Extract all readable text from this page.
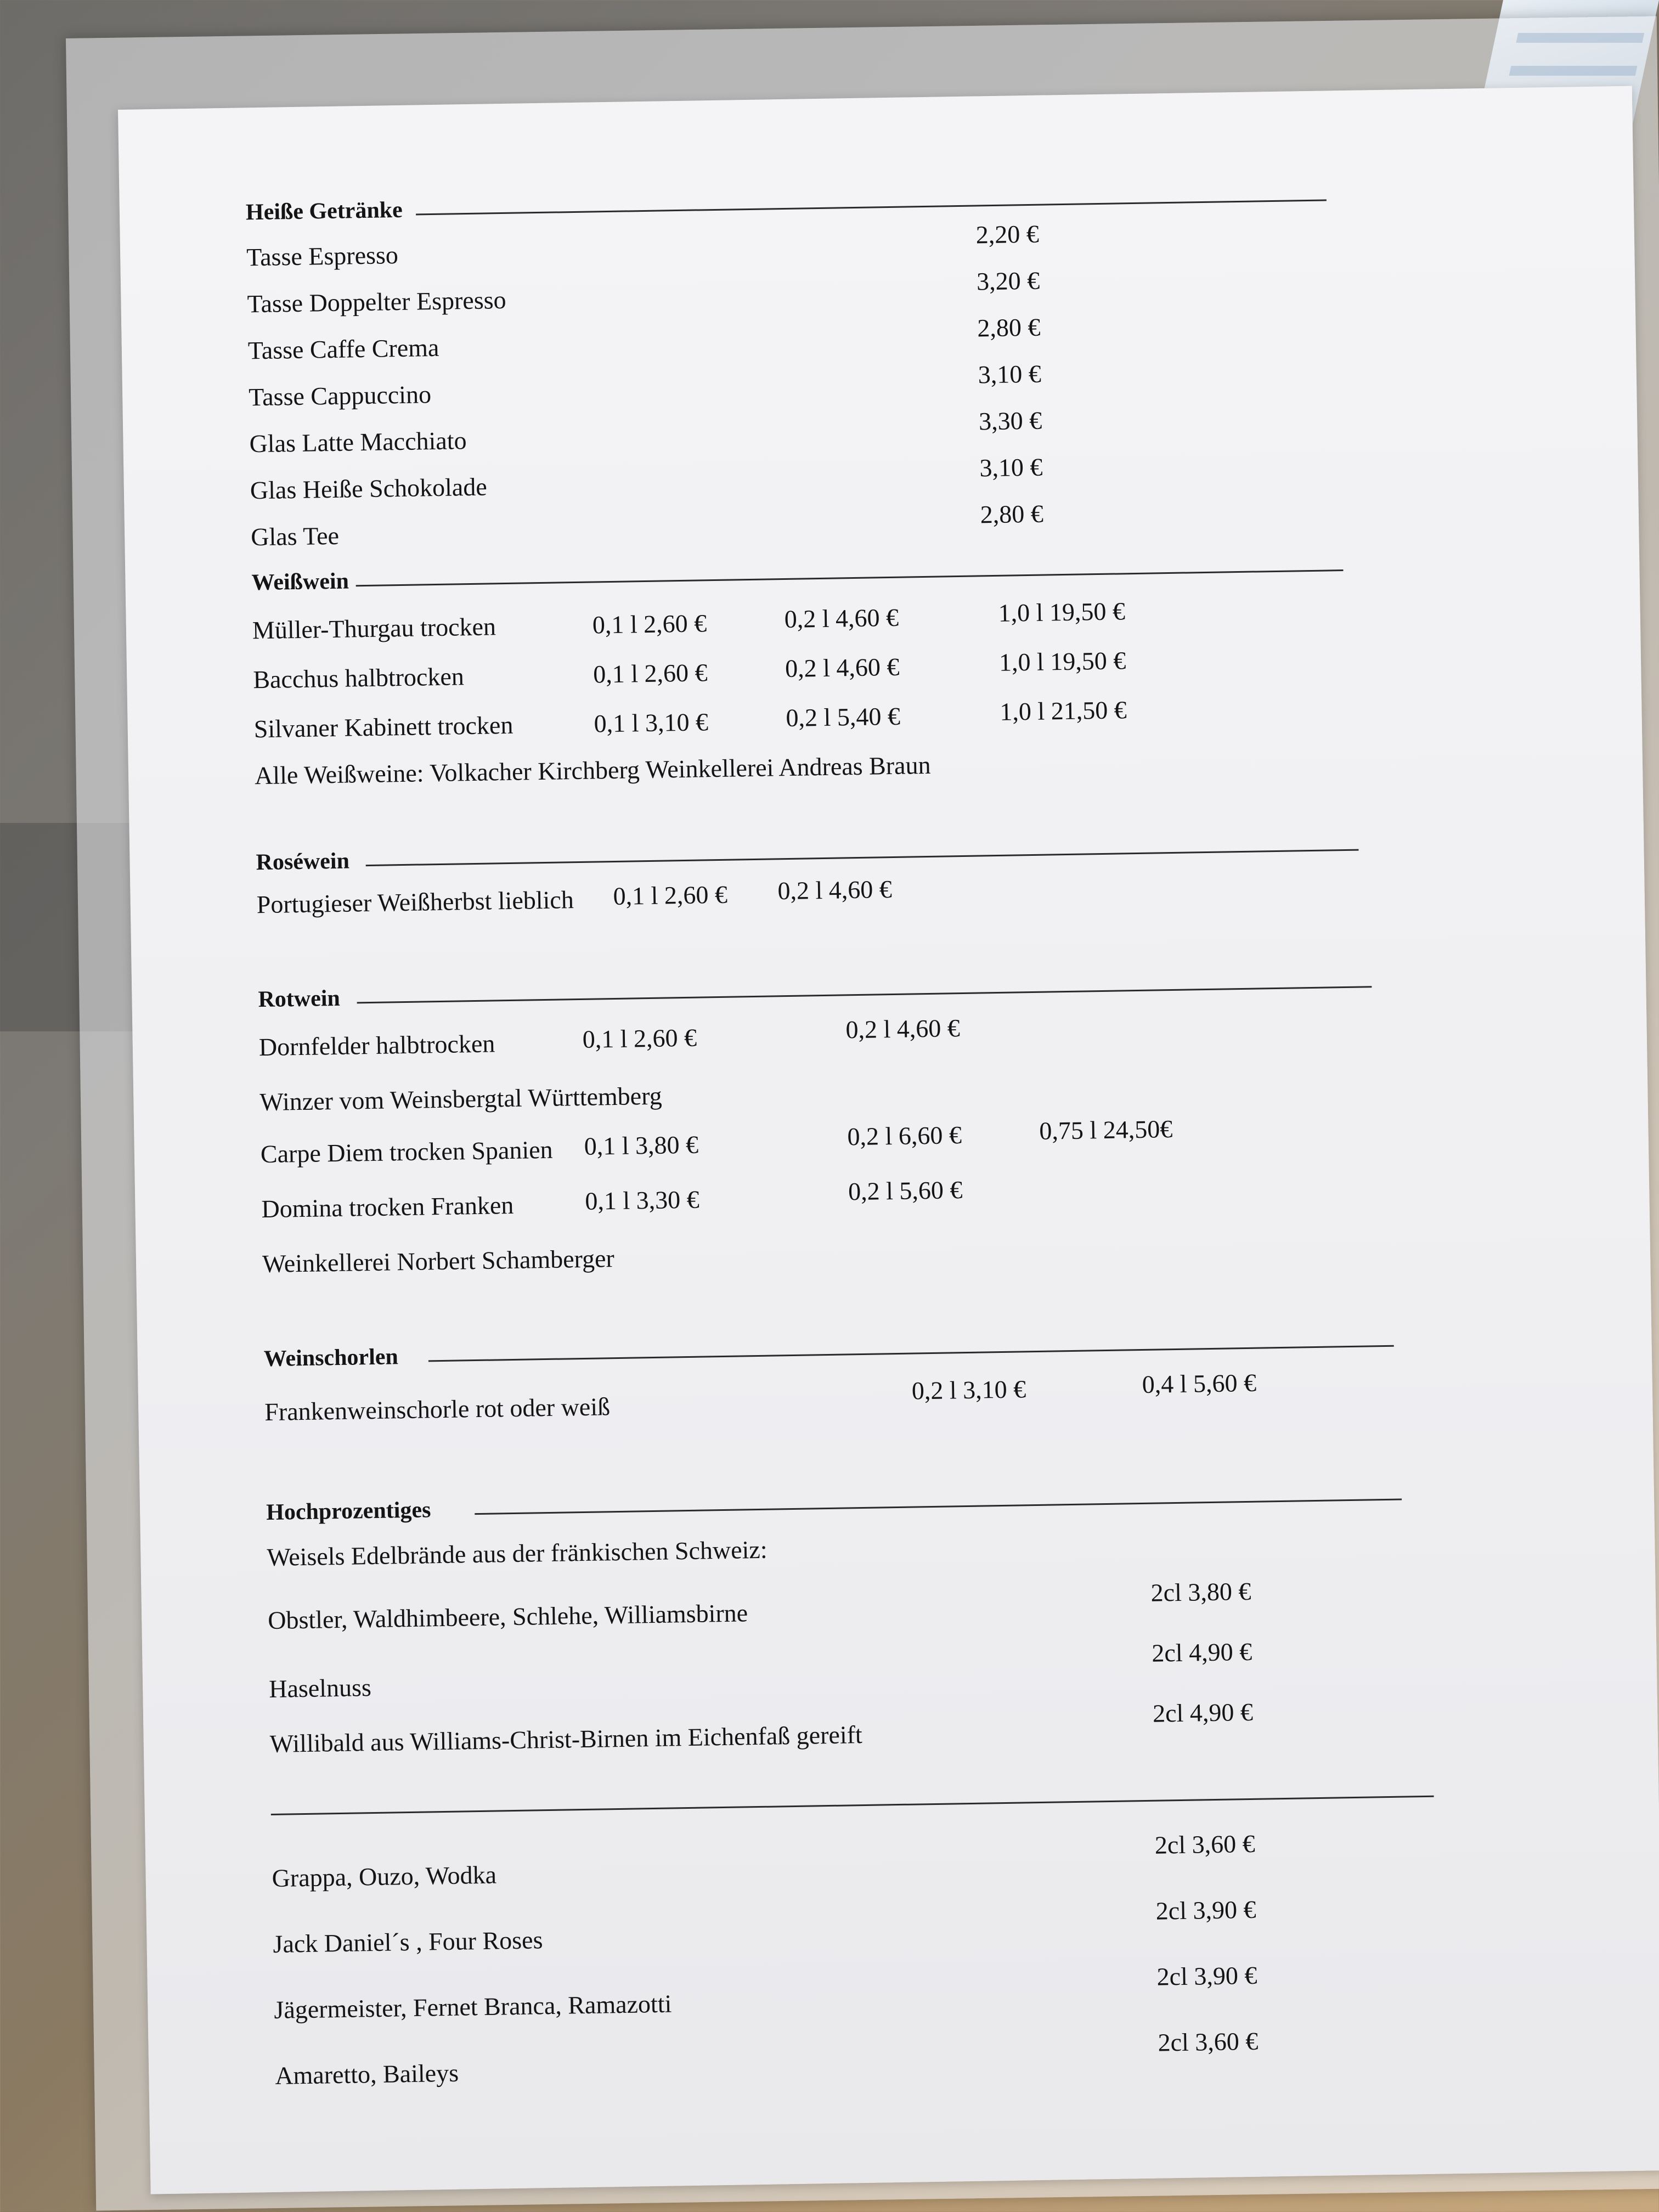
Heiße Getränke
Tasse Espresso
2,20 €
Tasse Doppelter Espresso
3,20 €
Tasse Caffe Crema
2,80 €
Tasse Cappuccino
3,10 €
Glas Latte Macchiato
3,30 €
Glas Heiße Schokolade
3,10 €
Glas Tee
2,80 €
Weißwein
Müller-Thurgau trocken	0,1 l 2,60 €	0,2 l 4,60 €	1,0 l 19,50 €
Bacchus halbtrocken	0,1 l 2,60 €	0,2 l 4,60 €	1,0 l 19,50 €
Silvaner Kabinett trocken	0,1 l 3,10 €	0,2 l 5,40 €	1,0 l 21,50 €
Alle Weißweine: Volkacher Kirchberg Weinkellerei Andreas Braun
Roséwein
Portugieser Weißherbst lieblich 0,1 l 2,60 € 0,2 l 4,60 €
Rotwein
Dornfelder halbtrocken	0,1 l 2,60 €	0,2 l 4,60 €
Winzer vom Weinsbergtal Württemberg
Carpe Diem trocken Spanien 0,1 l 3,80 €	0,2 l 6,60 €	0,75 l 24,50€
Domina trocken Franken	0,1 l 3,30 €	0,2 l 5,60 €
Weinkellerei Norbert Schamberger
Weinschorlen
Frankenweinschorle rot oder weiß
0,2 l 3,10 €	0,4 l 5,60 €
Hochprozentiges
Weisels Edelbrände aus der fränkischen Schweiz:
Obstler, Waldhimbeere, Schlehe, Williamsbirne
2cl 3,80 €
Haselnuss
2cl 4,90 €
Willibald aus Williams-Christ-Birnen im Eichenfaß gereift
2cl 4,90 €
Grappa, Ouzo, Wodka
2cl 3,60 €
Jack Daniel´s , Four Roses
2cl 3,90 €
Jägermeister, Fernet Branca, Ramazotti
2cl 3,90 €
Amaretto, Baileys
2cl 3,60 €
